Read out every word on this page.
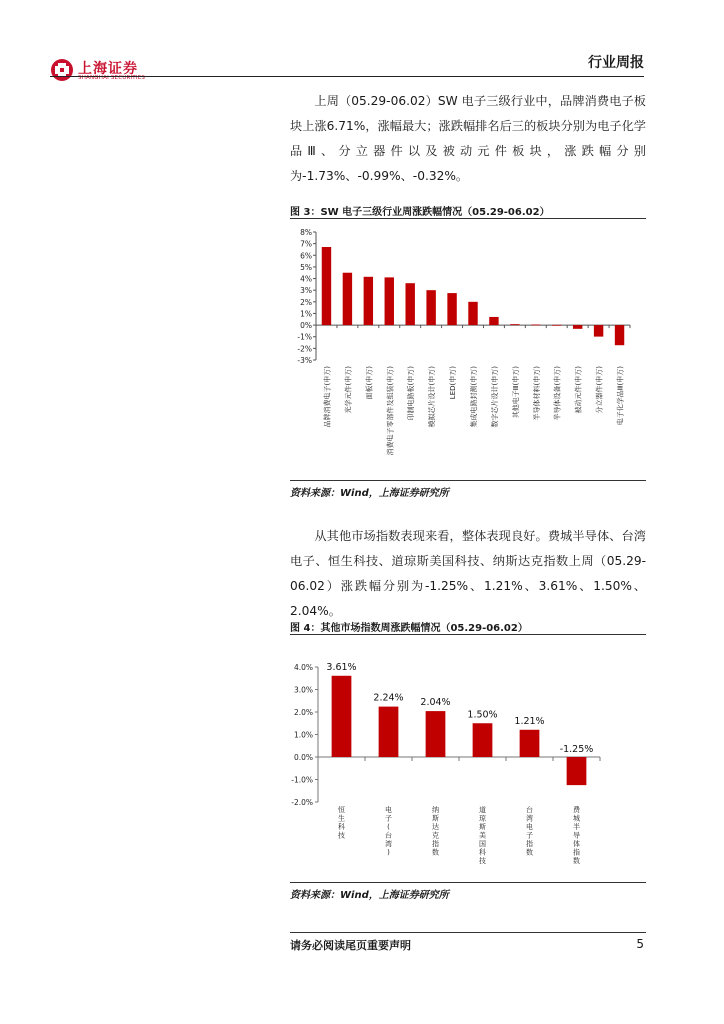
上海证券
SHANGHAI SECURITIES
行业周报

上周（05.29-06.02）SW 电子三级行业中，品牌消费电子板块上涨6.71%，涨幅最大；涨跌幅排名后三的板块分别为电子化学品Ⅲ、分立器件以及被动元件板块，涨跌幅分别为-1.73%、-0.99%、-0.32%。

图 3：SW 电子三级行业周涨跌幅情况（05.29-06.02）
8%
7%
6%
5%
4%
3%
2%
1%
0%
-1%
-2%
-3%
品牌消费电子(申万) 光学元件(申万) 面板(申万) 消费电子零部件及组装(申万) 印制电路板(申万) 模拟芯片设计(申万) LED(申万) 集成电路封测(申万) 数字芯片设计(申万) 其他电子Ⅲ(申万) 半导体材料(申万) 半导体设备(申万) 被动元件(申万) 分立器件(申万) 电子化学品Ⅲ(申万)
资料来源：Wind，上海证券研究所

从其他市场指数表现来看，整体表现良好。费城半导体、台湾电子、恒生科技、道琼斯美国科技、纳斯达克指数上周（05.29-06.02）涨跌幅分别为-1.25%、1.21%、3.61%、1.50%、2.04%。

图 4：其他市场指数周涨跌幅情况（05.29-06.02）
4.0%
3.0%
2.0%
1.0%
0.0%
-1.0%
-2.0%
3.61%
恒
生
科
技
2.24%
电
子
(
台
湾
)
2.04%
纳
斯
达
克
指
数
1.50%
道
琼
斯
美
国
科
技
1.21%
台
湾
电
子
指
数
-1.25%
费
城
半
导
体
指
数
资料来源：Wind，上海证券研究所
请务必阅读尾页重要声明	5
